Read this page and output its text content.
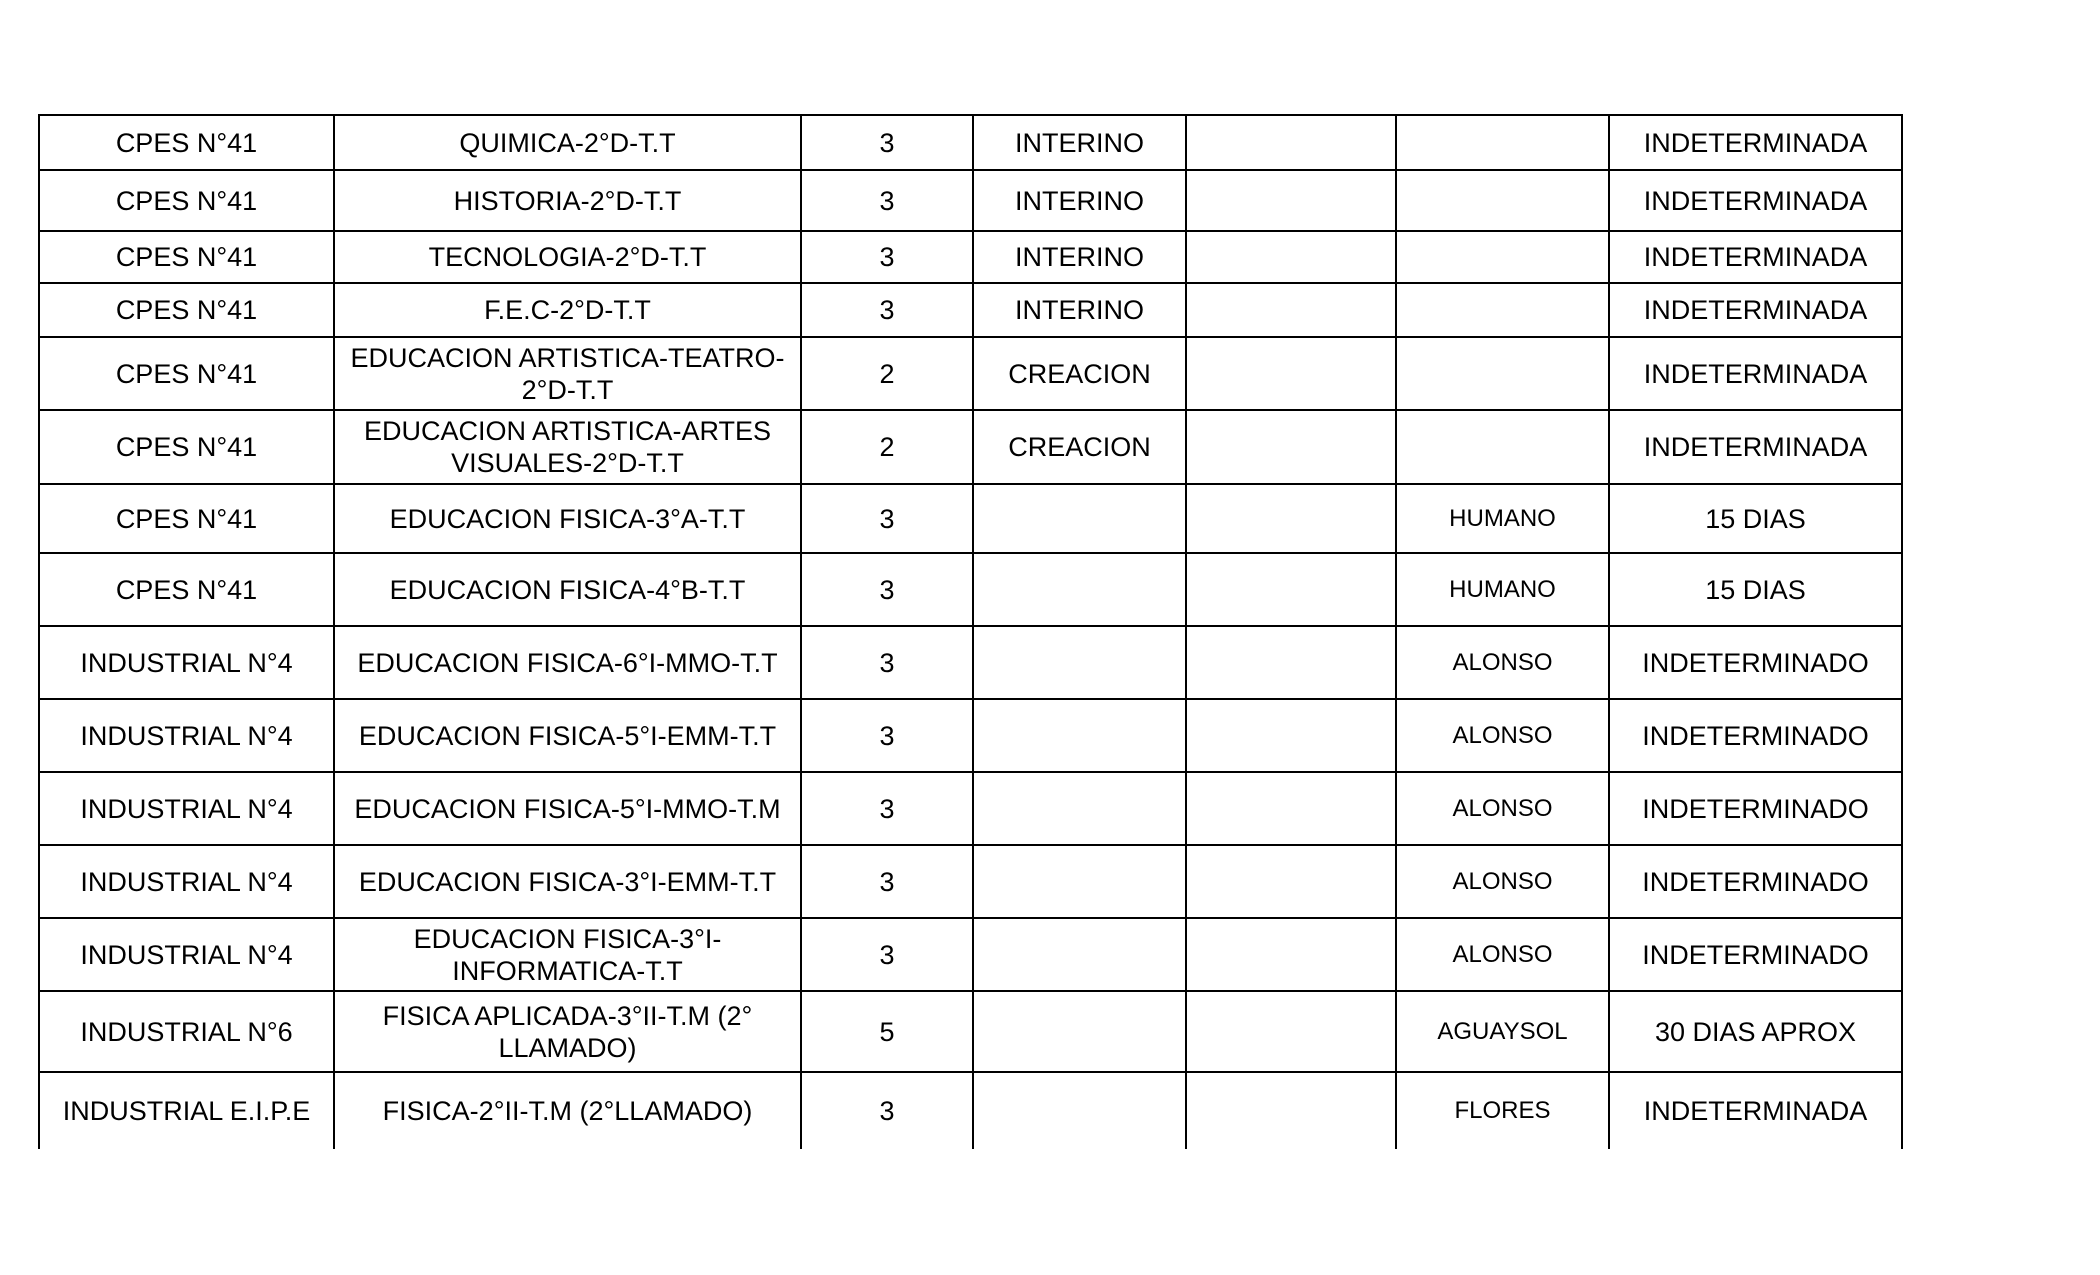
CPES N°41	QUIMICA-2°D-T.T	3	INTERINO			INDETERMINADA
CPES N°41	HISTORIA-2°D-T.T	3	INTERINO			INDETERMINADA
CPES N°41	TECNOLOGIA-2°D-T.T	3	INTERINO			INDETERMINADA
CPES N°41	F.E.C-2°D-T.T	3	INTERINO			INDETERMINADA
CPES N°41	EDUCACION ARTISTICA-TEATRO-2°D-T.T	2	CREACION			INDETERMINADA
CPES N°41	EDUCACION ARTISTICA-ARTES VISUALES-2°D-T.T	2	CREACION			INDETERMINADA
CPES N°41	EDUCACION FISICA-3°A-T.T	3			HUMANO	15 DIAS
CPES N°41	EDUCACION FISICA-4°B-T.T	3			HUMANO	15 DIAS
INDUSTRIAL N°4	EDUCACION FISICA-6°I-MMO-T.T	3			ALONSO	INDETERMINADO
INDUSTRIAL N°4	EDUCACION FISICA-5°I-EMM-T.T	3			ALONSO	INDETERMINADO
INDUSTRIAL N°4	EDUCACION FISICA-5°I-MMO-T.M	3			ALONSO	INDETERMINADO
INDUSTRIAL N°4	EDUCACION FISICA-3°I-EMM-T.T	3			ALONSO	INDETERMINADO
INDUSTRIAL N°4	EDUCACION FISICA-3°I-INFORMATICA-T.T	3			ALONSO	INDETERMINADO
INDUSTRIAL N°6	FISICA APLICADA-3°II-T.M (2° LLAMADO)	5			AGUAYSOL	30 DIAS APROX
INDUSTRIAL E.I.P.E	FISICA-2°II-T.M (2°LLAMADO)	3			FLORES	INDETERMINADA
